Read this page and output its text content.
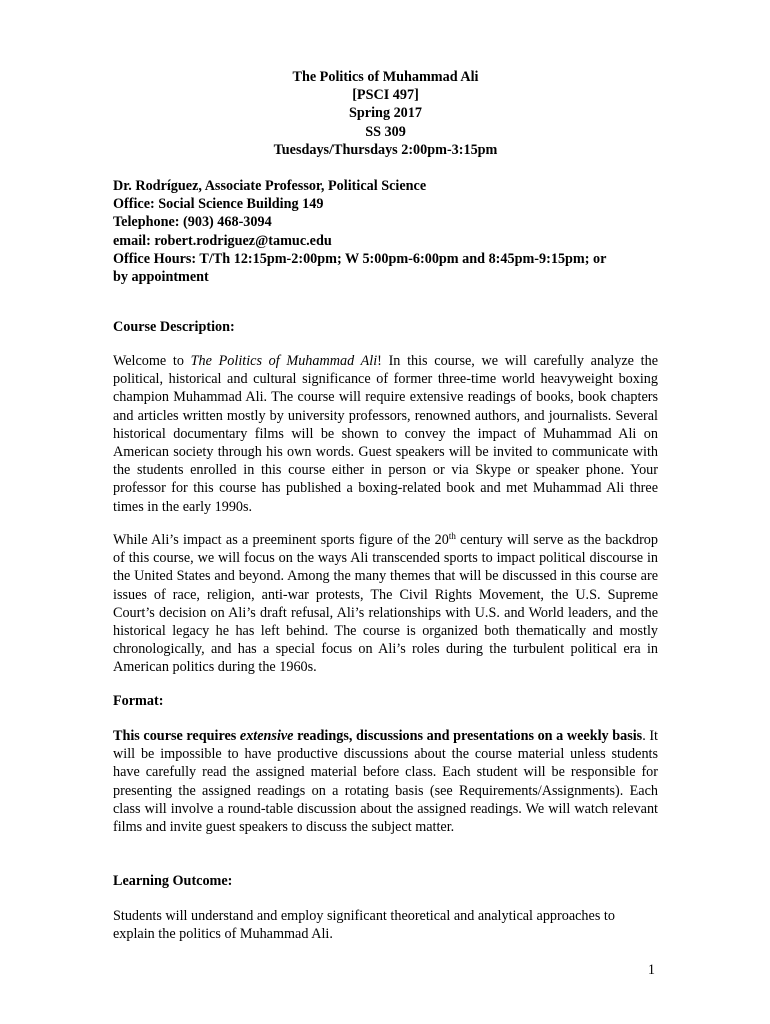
The Politics of Muhammad Ali
[PSCI 497]
Spring 2017
SS 309
Tuesdays/Thursdays 2:00pm-3:15pm
Dr. Rodríguez, Associate Professor, Political Science
Office: Social Science Building 149
Telephone: (903) 468-3094
email: robert.rodriguez@tamuc.edu
Office Hours: T/Th 12:15pm-2:00pm; W 5:00pm-6:00pm and 8:45pm-9:15pm; or
by appointment
Course Description:

Welcome to The Politics of Muhammad Ali! In this course, we will carefully analyze the political, historical and cultural significance of former three-time world heavyweight boxing champion Muhammad Ali. The course will require extensive readings of books, book chapters and articles written mostly by university professors, renowned authors, and journalists. Several historical documentary films will be shown to convey the impact of Muhammad Ali on American society through his own words. Guest speakers will be invited to communicate with the students enrolled in this course either in person or via Skype or speaker phone. Your professor for this course has published a boxing-related book and met Muhammad Ali three times in the early 1990s.

While Ali’s impact as a preeminent sports figure of the 20th century will serve as the backdrop of this course, we will focus on the ways Ali transcended sports to impact political discourse in the United States and beyond. Among the many themes that will be discussed in this course are issues of race, religion, anti-war protests, The Civil Rights Movement, the U.S. Supreme Court’s decision on Ali’s draft refusal, Ali’s relationships with U.S. and World leaders, and the historical legacy he has left behind. The course is organized both thematically and mostly chronologically, and has a special focus on Ali’s roles during the turbulent political era in American politics during the 1960s.

Format:

This course requires extensive readings, discussions and presentations on a weekly basis. It will be impossible to have productive discussions about the course material unless students have carefully read the assigned material before class. Each student will be responsible for presenting the assigned readings on a rotating basis (see Requirements/Assignments). Each class will involve a round-table discussion about the assigned readings. We will watch relevant films and invite guest speakers to discuss the subject matter.

Learning Outcome:

Students will understand and employ significant theoretical and analytical approaches to explain the politics of Muhammad Ali.

1
